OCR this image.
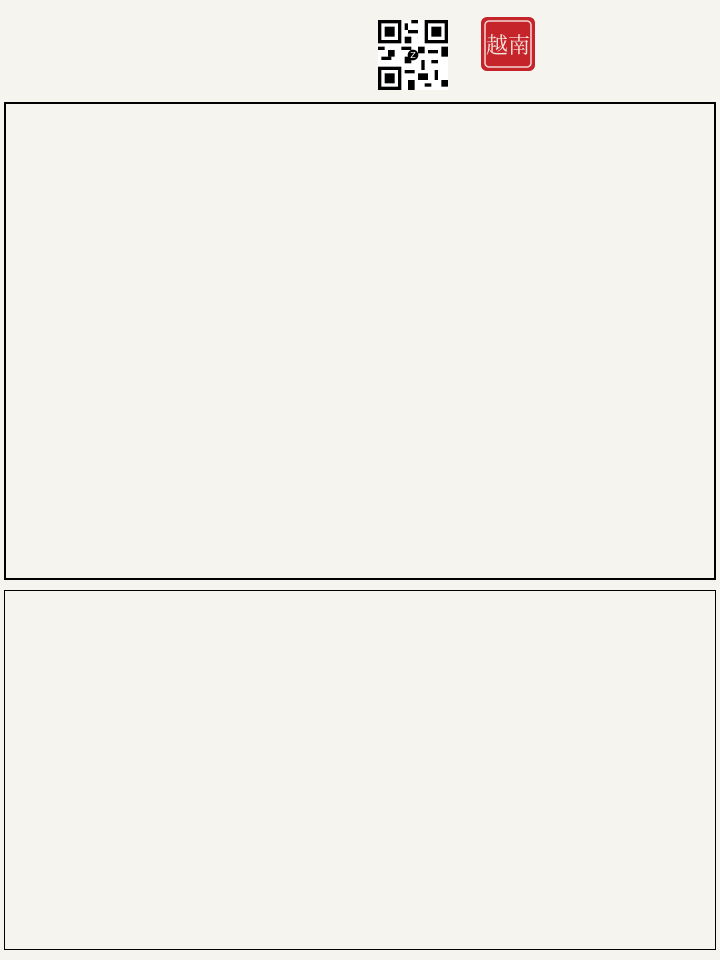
Z	越南
